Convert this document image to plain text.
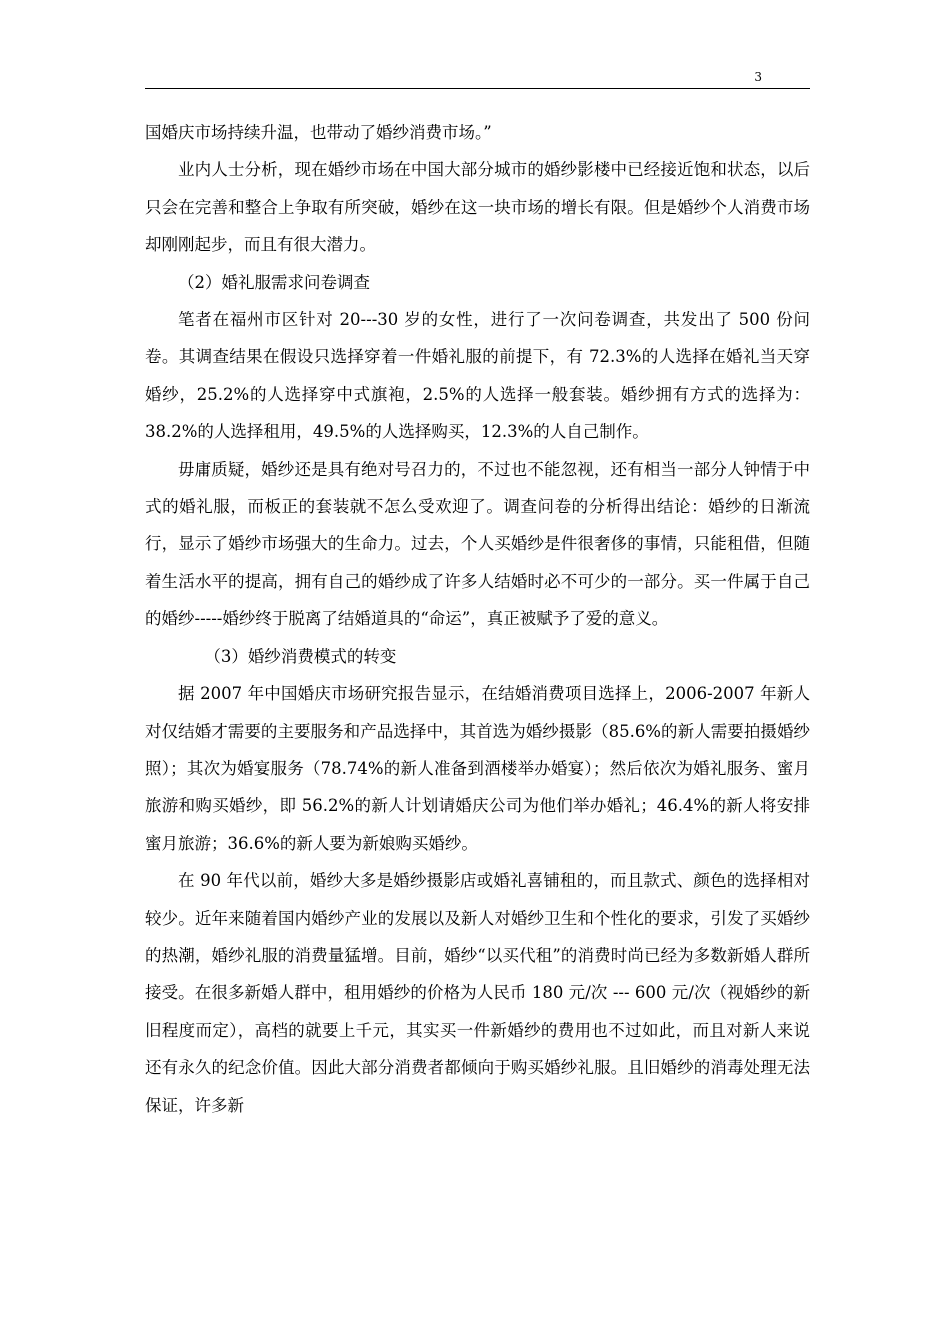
3

国婚庆市场持续升温，也带动了婚纱消费市场。”

业内人士分析，现在婚纱市场在中国大部分城市的婚纱影楼中已经接近饱和状态，以后只会在完善和整合上争取有所突破，婚纱在这一块市场的增长有限。但是婚纱个人消费市场却刚刚起步，而且有很大潜力。

（2）婚礼服需求问卷调查

笔者在福州市区针对 20---30 岁的女性，进行了一次问卷调查，共发出了 500 份问卷。其调查结果在假设只选择穿着一件婚礼服的前提下，有 72.3%的人选择在婚礼当天穿婚纱，25.2%的人选择穿中式旗袍，2.5%的人选择一般套装。婚纱拥有方式的选择为：38.2%的人选择租用，49.5%的人选择购买，12.3%的人自己制作。

毋庸质疑，婚纱还是具有绝对号召力的，不过也不能忽视，还有相当一部分人钟情于中式的婚礼服，而板正的套装就不怎么受欢迎了。调查问卷的分析得出结论：婚纱的日渐流行，显示了婚纱市场强大的生命力。过去，个人买婚纱是件很奢侈的事情，只能租借，但随着生活水平的提高，拥有自己的婚纱成了许多人结婚时必不可少的一部分。买一件属于自己的婚纱-----婚纱终于脱离了结婚道具的“命运”，真正被赋予了爱的意义。

（3）婚纱消费模式的转变

据 2007 年中国婚庆市场研究报告显示，在结婚消费项目选择上，2006-2007 年新人对仅结婚才需要的主要服务和产品选择中，其首选为婚纱摄影（85.6%的新人需要拍摄婚纱照）；其次为婚宴服务（78.74%的新人准备到酒楼举办婚宴）；然后依次为婚礼服务、蜜月旅游和购买婚纱，即 56.2%的新人计划请婚庆公司为他们举办婚礼；46.4%的新人将安排蜜月旅游；36.6%的新人要为新娘购买婚纱。

在 90 年代以前，婚纱大多是婚纱摄影店或婚礼喜铺租的，而且款式、颜色的选择相对较少。近年来随着国内婚纱产业的发展以及新人对婚纱卫生和个性化的要求，引发了买婚纱的热潮，婚纱礼服的消费量猛增。目前，婚纱“以买代租”的消费时尚已经为多数新婚人群所接受。在很多新婚人群中，租用婚纱的价格为人民币 180 元/次 --- 600 元/次（视婚纱的新旧程度而定），高档的就要上千元，其实买一件新婚纱的费用也不过如此，而且对新人来说还有永久的纪念价值。因此大部分消费者都倾向于购买婚纱礼服。且旧婚纱的消毒处理无法保证，许多新
